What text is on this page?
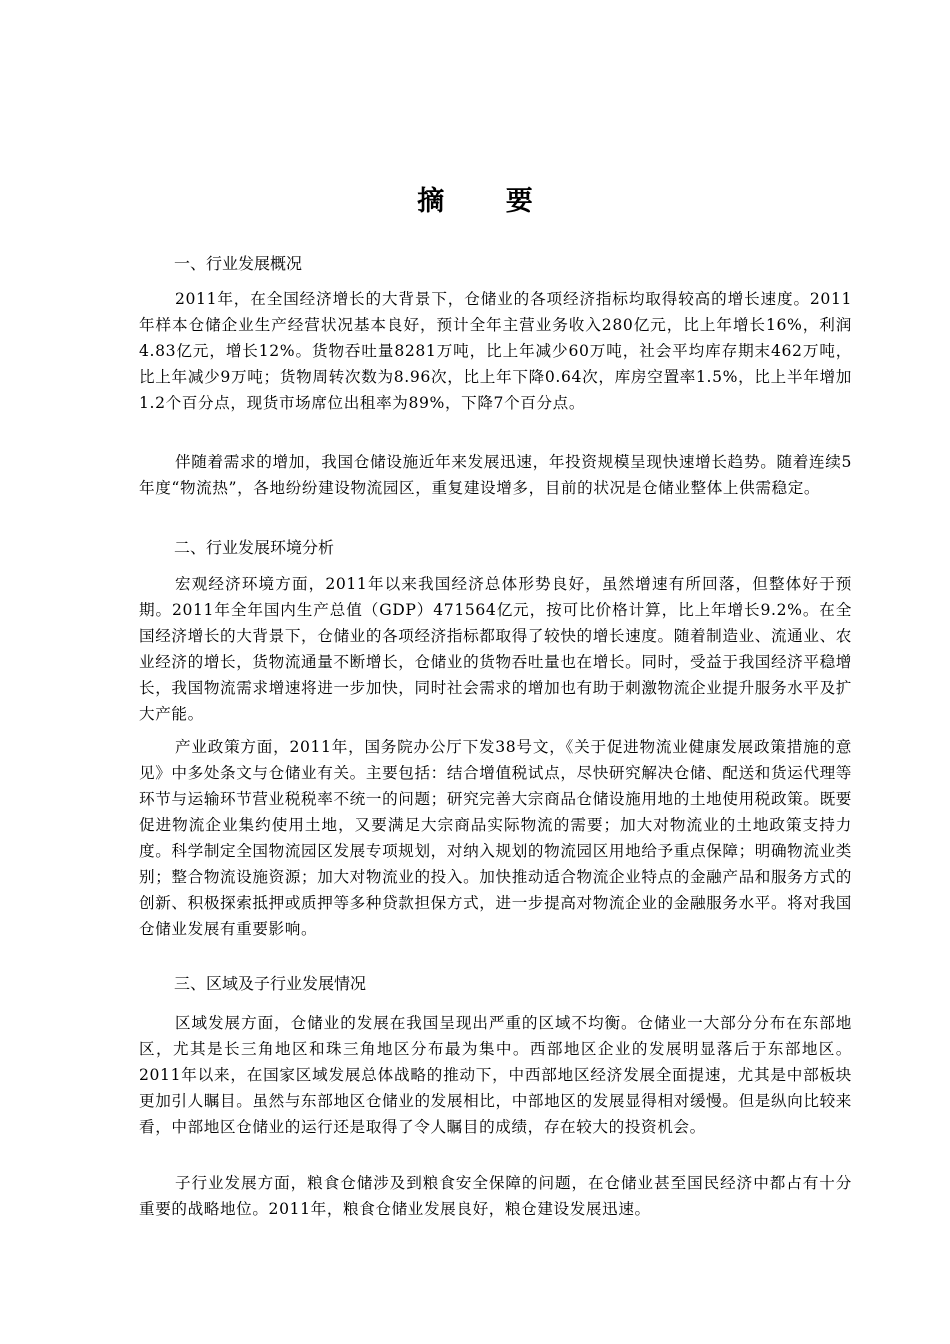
摘 要
一、行业发展概况
2011年，在全国经济增长的大背景下，仓储业的各项经济指标均取得较高的增长速度。2011年样本仓储企业生产经营状况基本良好，预计全年主营业务收入280亿元，比上年增长16%，利润4.83亿元，增长12%。货物吞吐量8281万吨，比上年减少60万吨，社会平均库存期末462万吨，比上年减少9万吨；货物周转次数为8.96次，比上年下降0.64次，库房空置率1.5%，比上半年增加1.2个百分点，现货市场席位出租率为89%，下降7个百分点。
伴随着需求的增加，我国仓储设施近年来发展迅速，年投资规模呈现快速增长趋势。随着连续5年度“物流热”，各地纷纷建设物流园区，重复建设增多，目前的状况是仓储业整体上供需稳定。
二、行业发展环境分析
宏观经济环境方面，2011年以来我国经济总体形势良好，虽然增速有所回落，但整体好于预期。2011年全年国内生产总值（GDP）471564亿元，按可比价格计算，比上年增长9.2%。在全国经济增长的大背景下，仓储业的各项经济指标都取得了较快的增长速度。随着制造业、流通业、农业经济的增长，货物流通量不断增长，仓储业的货物吞吐量也在增长。同时，受益于我国经济平稳增长，我国物流需求增速将进一步加快，同时社会需求的增加也有助于刺激物流企业提升服务水平及扩大产能。
产业政策方面，2011年，国务院办公厅下发38号文，《关于促进物流业健康发展政策措施的意见》中多处条文与仓储业有关。主要包括：结合增值税试点，尽快研究解决仓储、配送和货运代理等环节与运输环节营业税税率不统一的问题；研究完善大宗商品仓储设施用地的土地使用税政策。既要促进物流企业集约使用土地，又要满足大宗商品实际物流的需要；加大对物流业的土地政策支持力度。科学制定全国物流园区发展专项规划，对纳入规划的物流园区用地给予重点保障；明确物流业类别；整合物流设施资源；加大对物流业的投入。加快推动适合物流企业特点的金融产品和服务方式的创新、积极探索抵押或质押等多种贷款担保方式，进一步提高对物流企业的金融服务水平。将对我国仓储业发展有重要影响。
三、区域及子行业发展情况
区域发展方面，仓储业的发展在我国呈现出严重的区域不均衡。仓储业一大部分分布在东部地区，尤其是长三角地区和珠三角地区分布最为集中。西部地区企业的发展明显落后于东部地区。2011年以来，在国家区域发展总体战略的推动下，中西部地区经济发展全面提速，尤其是中部板块更加引人瞩目。虽然与东部地区仓储业的发展相比，中部地区的发展显得相对缓慢。但是纵向比较来看，中部地区仓储业的运行还是取得了令人瞩目的成绩，存在较大的投资机会。
子行业发展方面，粮食仓储涉及到粮食安全保障的问题，在仓储业甚至国民经济中都占有十分重要的战略地位。2011年，粮食仓储业发展良好，粮仓建设发展迅速。
